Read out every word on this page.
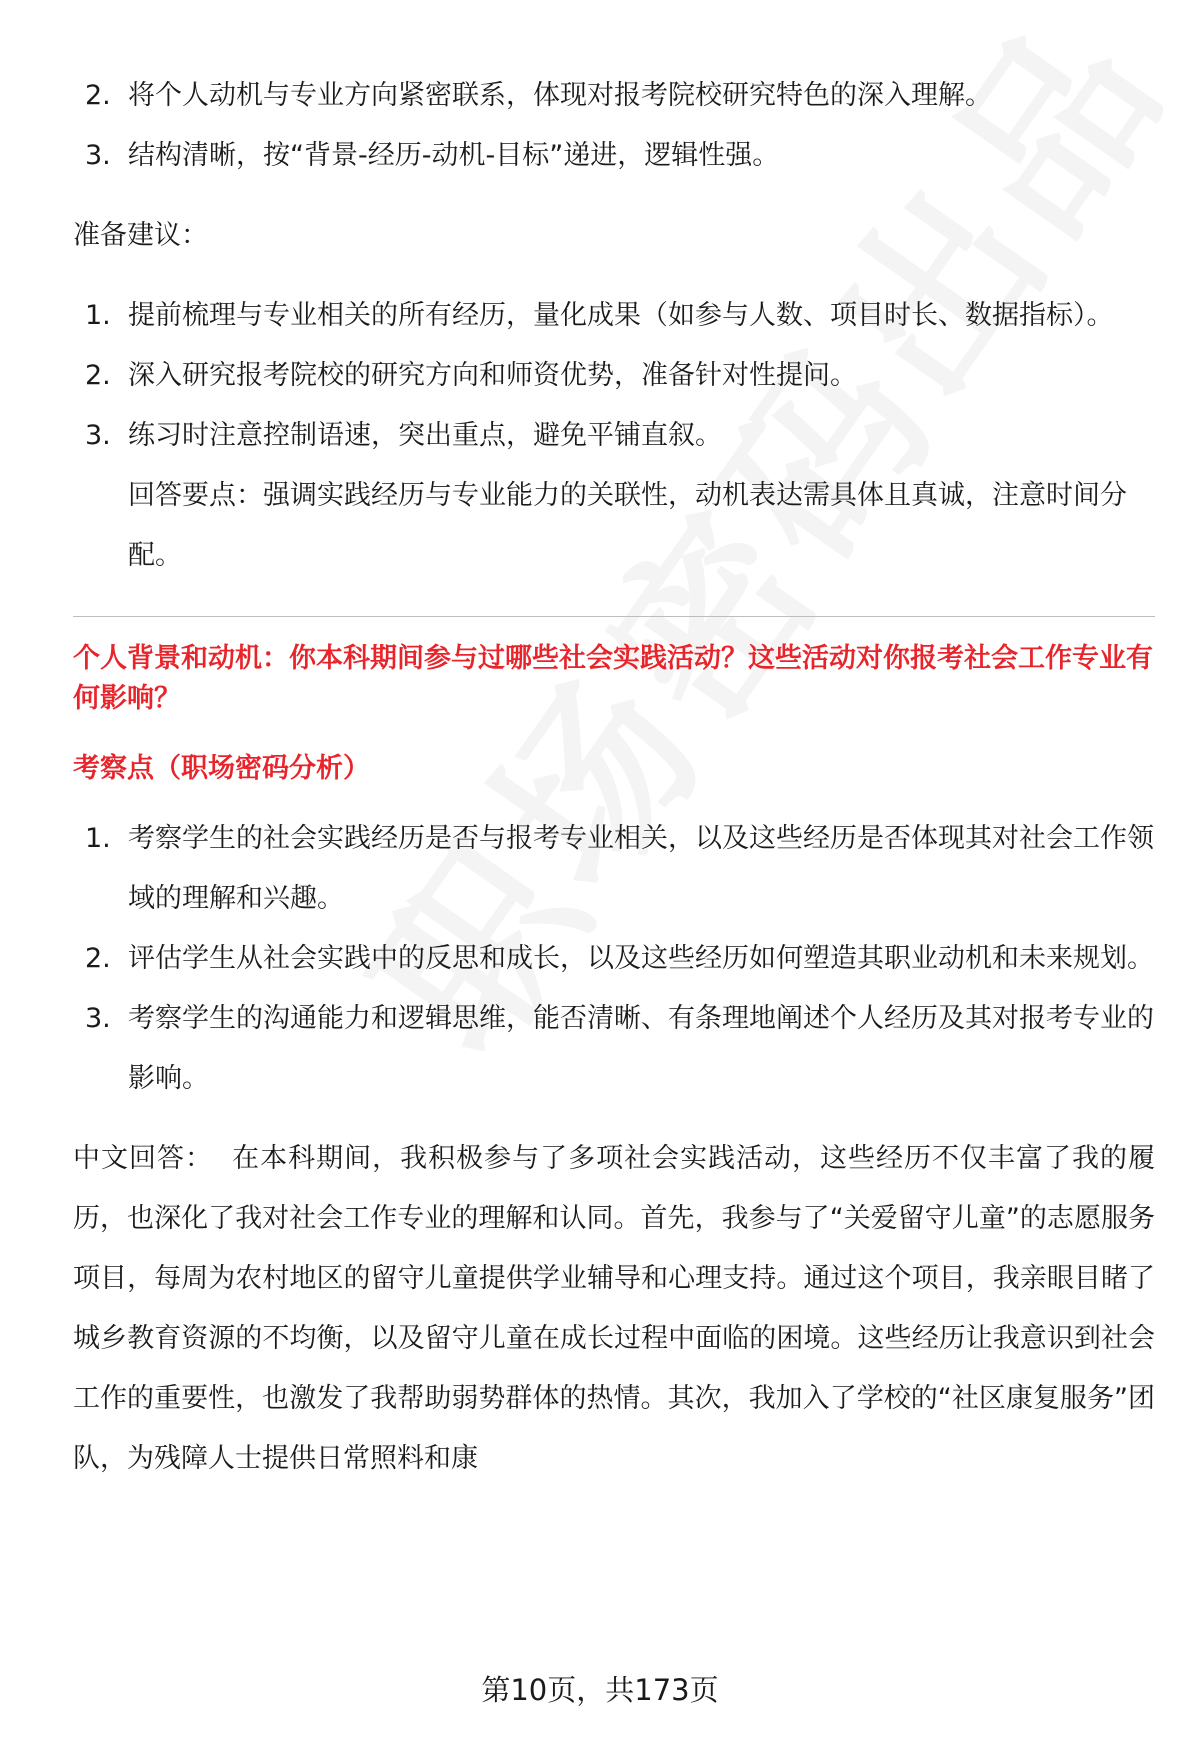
2. 将个人动机与专业方向紧密联系，体现对报考院校研究特色的深入理解。
3. 结构清晰，按“背景-经历-动机-目标”递进，逻辑性强。
准备建议：
1. 提前梳理与专业相关的所有经历，量化成果（如参与人数、项目时长、数据指标）。
2. 深入研究报考院校的研究方向和师资优势，准备针对性提问。
3. 练习时注意控制语速，突出重点，避免平铺直叙。
回答要点：强调实践经历与专业能力的关联性，动机表达需具体且真诚，注意时间分配。
个人背景和动机：你本科期间参与过哪些社会实践活动？这些活动对你报考社会工作专业有何影响？
考察点（职场密码分析）
1. 考察学生的社会实践经历是否与报考专业相关，以及这些经历是否体现其对社会工作领域的理解和兴趣。
2. 评估学生从社会实践中的反思和成长，以及这些经历如何塑造其职业动机和未来规划。
3. 考察学生的沟通能力和逻辑思维，能否清晰、有条理地阐述个人经历及其对报考专业的影响。
中文回答： 在本科期间，我积极参与了多项社会实践活动，这些经历不仅丰富了我的履历，也深化了我对社会工作专业的理解和认同。首先，我参与了“关爱留守儿童”的志愿服务项目，每周为农村地区的留守儿童提供学业辅导和心理支持。通过这个项目，我亲眼目睹了城乡教育资源的不均衡，以及留守儿童在成长过程中面临的困境。这些经历让我意识到社会工作的重要性，也激发了我帮助弱势群体的热情。其次，我加入了学校的“社区康复服务”团队，为残障人士提供日常照料和康
第10页，共173页
